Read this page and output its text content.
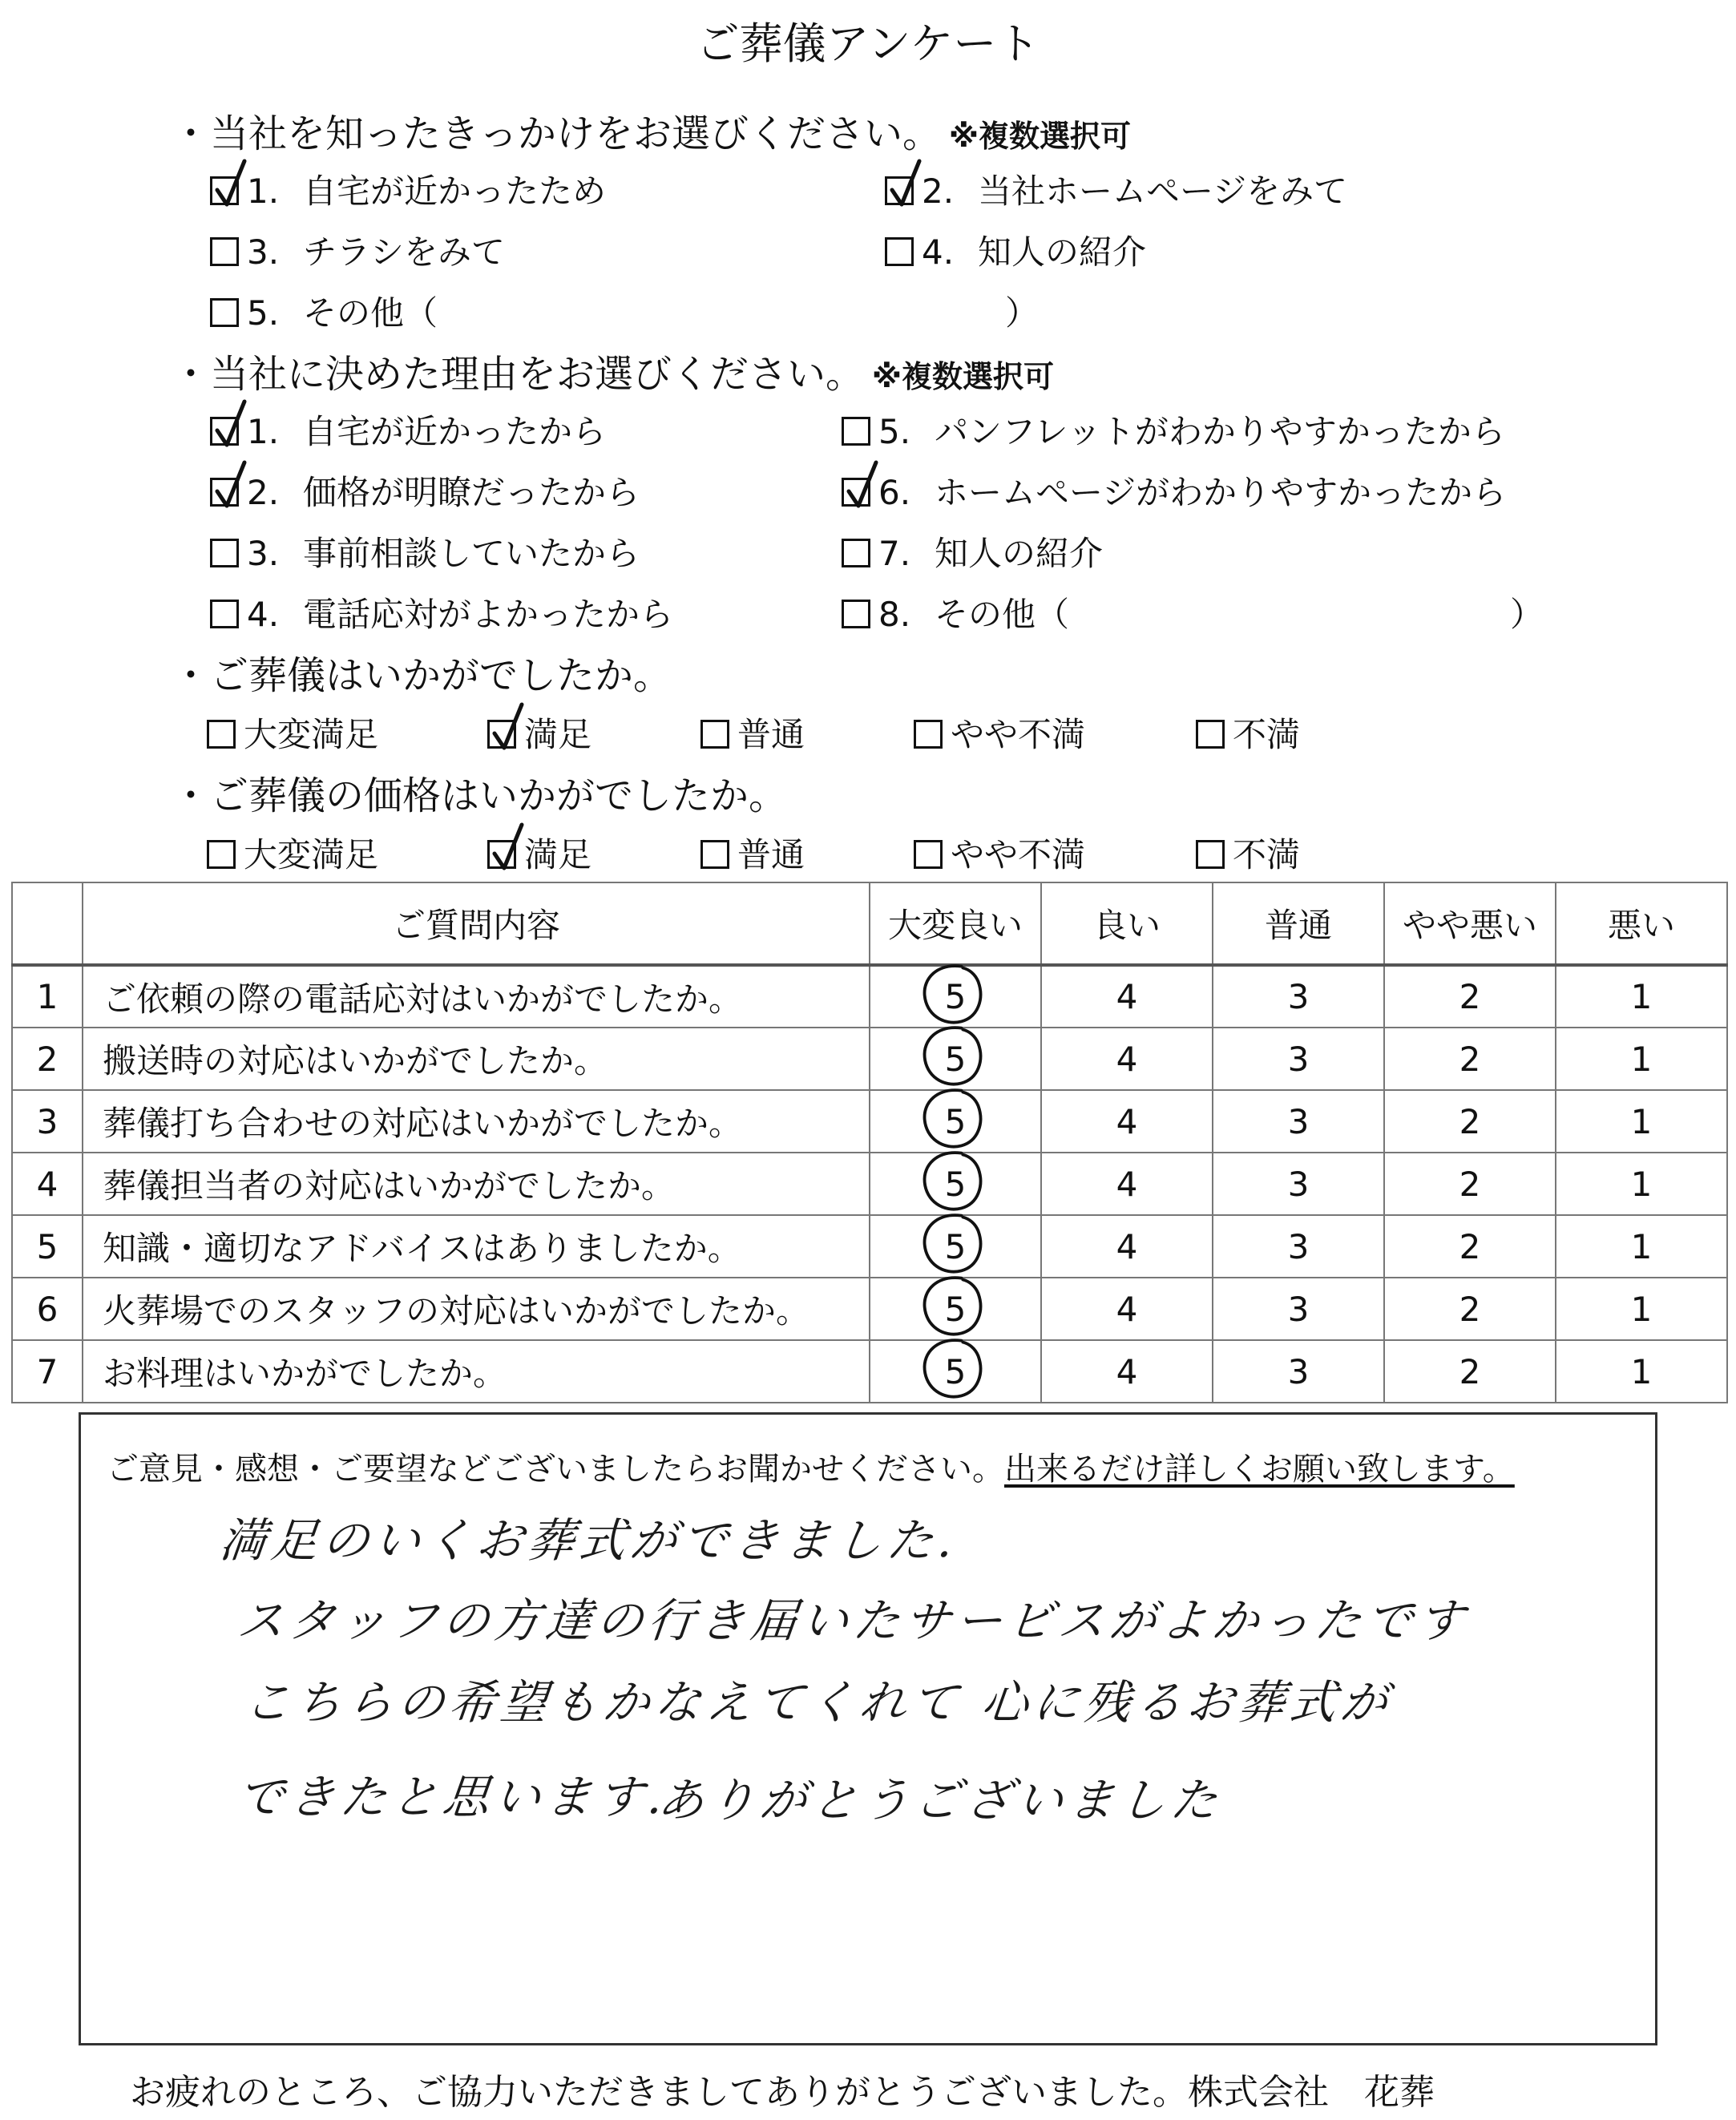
ご葬儀アンケート
・当社を知ったきっかけをお選びください。 ※複数選択可
1. 自宅が近かったため	2. 当社ホームページをみて
3. チラシをみて	4. 知人の紹介
5. その他（	）
・当社に決めた理由をお選びください。 ※複数選択可
1. 自宅が近かったから
2. 価格が明瞭だったから
3. 事前相談していたから
4. 電話応対がよかったから
5. パンフレットがわかりやすかったから
6. ホームページがわかりやすかったから
7. 知人の紹介
8. その他（	）
・ご葬儀はいかがでしたか。
大変満足	満足	普通	やや不満	不満
・ご葬儀の価格はいかがでしたか。
大変満足	満足	普通	やや不満	不満
	ご質問内容	大変良い	良い	普通	やや悪い	悪い
1	ご依頼の際の電話応対はいかがでしたか。	5	4	3	2	1
2	搬送時の対応はいかがでしたか。	5	4	3	2	1
3	葬儀打ち合わせの対応はいかがでしたか。	5	4	3	2	1
4	葬儀担当者の対応はいかがでしたか。	5	4	3	2	1
5	知識・適切なアドバイスはありましたか。	5	4	3	2	1
6	火葬場でのスタッフの対応はいかがでしたか。	5	4	3	2	1
7	お料理はいかがでしたか。	5	4	3	2	1
ご意見・感想・ご要望などございましたらお聞かせください。出来るだけ詳しくお願い致します。
満足のいくお葬式ができました.
スタッフの方達の行き届いたサービスがよかったです
こちらの希望もかなえてくれて 心に残るお葬式が
できたと思います.
ありがとうございました
お疲れのところ、ご協力いただきましてありがとうございました。株式会社　花葬
